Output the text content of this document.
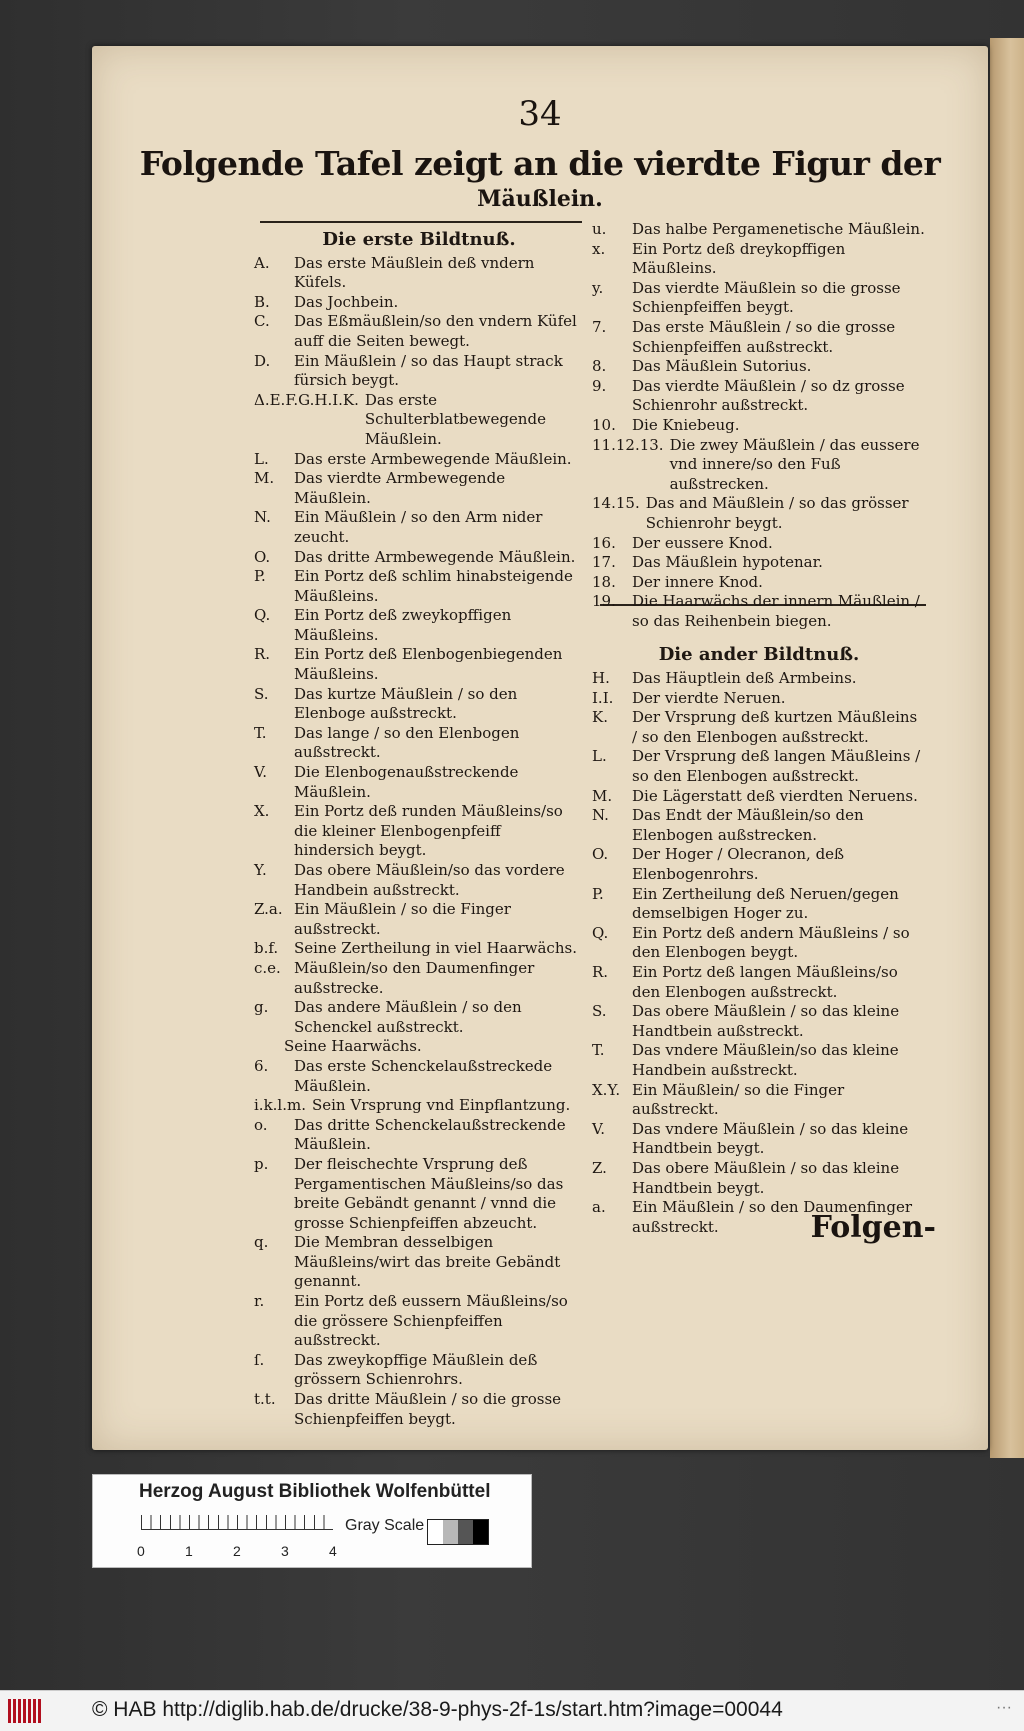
34
Folgende Tafel zeigt an die vierdte Figur der
Mäußlein.
Die erste Bildtnuß.
A.	Das erste Mäußlein deß vndern Küfels.
B.	Das Jochbein.
C.	Das Eßmäußlein/so den vndern Küfel auff die Seiten bewegt.
D.	Ein Mäußlein / so das Haupt strack fürsich beygt.
Δ.E.F.G.H.I.K. Das erste Schulterblatbewegende Mäußlein.
L.	Das erste Armbewegende Mäußlein.
M.	Das vierdte Armbewegende Mäußlein.
N.	Ein Mäußlein / so den Arm nider zeucht.
O.	Das dritte Armbewegende Mäußlein.
P.	Ein Portz deß schlim hinabsteigende Mäußleins.
Q.	Ein Portz deß zweykopffigen Mäußleins.
R.	Ein Portz deß Elenbogenbiegenden Mäußleins.
S.	Das kurtze Mäußlein / so den Elenboge außstreckt.
T.	Das lange / so den Elenbogen außstreckt.
V.	Die Elenbogenaußstreckende Mäußlein.
X.	Ein Portz deß runden Mäußleins/so die kleiner Elenbogenpfeiff hindersich beygt.
Y.	Das obere Mäußlein/so das vordere Handbein außstreckt.
Z.a. Ein Mäußlein / so die Finger außstreckt.
b.f.	Seine Zertheilung in viel Haarwächs.
c.e. Mäußlein/so den Daumenfinger außstrecke.
g.	Das andere Mäußlein / so den Schenckel außstreckt.
Seine Haarwächs.
6.	Das erste Schenckelaußstreckede Mäußlein.
i.k.l.m. Sein Vrsprung vnd Einpflantzung.
o.	Das dritte Schenckelaußstreckende Mäußlein.
p.	Der fleischechte Vrsprung deß Pergamentischen Mäußleins/so das breite Gebändt genannt / vnnd die grosse Schienpfeiffen abzeucht.
q.	Die Membran desselbigen Mäußleins/wirt das breite Gebändt genannt.
r.	Ein Portz deß eussern Mäußleins/so die grössere Schienpfeiffen außstreckt.
ſ.	Das zweykopffige Mäußlein deß grössern Schienrohrs.
t.t.	Das dritte Mäußlein / so die grosse Schienpfeiffen beygt.
u.	Das halbe Pergamenetische Mäußlein.
x.	Ein Portz deß dreykopffigen Mäußleins.
y.	Das vierdte Mäußlein so die grosse Schienpfeiffen beygt.
7.	Das erste Mäußlein / so die grosse Schienpfeiffen außstreckt.
8.	Das Mäußlein Sutorius.
9.	Das vierdte Mäußlein / so dz grosse Schienrohr außstreckt.
10.	Die Kniebeug.
11.12.13. Die zwey Mäußlein / das eussere vnd innere/so den Fuß außstrecken.
14.15. Das and Mäußlein / so das grösser Schienrohr beygt.
16.	Der eussere Knod.
17.	Das Mäußlein hypotenar.
18.	Der innere Knod.
19.	Die Haarwächs der innern Mäußlein / so das Reihenbein biegen.
Die ander Bildtnuß.
H.	Das Häuptlein deß Armbeins.
I.I.	Der vierdte Neruen.
K.	Der Vrsprung deß kurtzen Mäußleins / so den Elenbogen außstreckt.
L.	Der Vrsprung deß langen Mäußleins / so den Elenbogen außstreckt.
M.	Die Lägerstatt deß vierdten Neruens.
N.	Das Endt der Mäußlein/so den Elenbogen außstrecken.
O.	Der Hoger / Olecranon, deß Elenbogenrohrs.
P.	Ein Zertheilung deß Neruen/gegen demselbigen Hoger zu.
Q.	Ein Portz deß andern Mäußleins / so den Elenbogen beygt.
R.	Ein Portz deß langen Mäußleins/so den Elenbogen außstreckt.
S.	Das obere Mäußlein / so das kleine Handtbein außstreckt.
T.	Das vndere Mäußlein/so das kleine Handbein außstreckt.
X.Y. Ein Mäußlein/ so die Finger außstreckt.
V.	Das vndere Mäußlein / so das kleine Handtbein beygt.
Z.	Das obere Mäußlein / so das kleine Handtbein beygt.
a.	Ein Mäußlein / so den Daumenfinger außstreckt.	Folgen-
Herzog August Bibliothek Wolfenbüttel
0	1	2	3	4
Gray Scale
© HAB http://diglib.hab.de/drucke/38-9-phys-2f-1s/start.htm?image=00044	···
